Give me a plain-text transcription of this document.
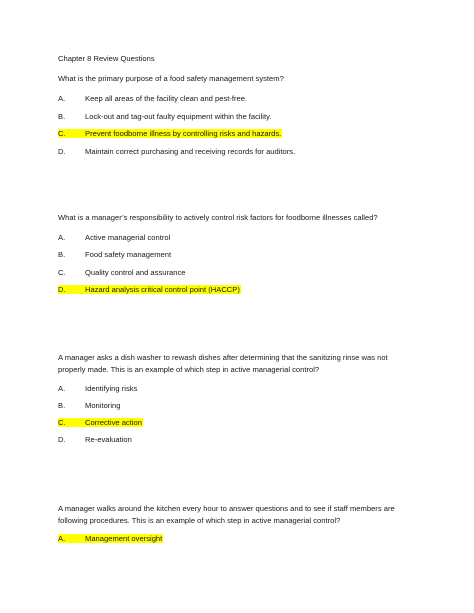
Chapter 8 Review Questions
What is the primary purpose of a food safety management system?
A.	Keep all areas of the facility clean and pest-free.
B.	Lock-out and tag-out faulty equipment within the facility.
C.	Prevent foodborne illness by controlling risks and hazards.
D.	Maintain correct purchasing and receiving records for auditors.
What is a manager’s responsibility to actively control risk factors for foodborne illnesses called?
A.	Active managerial control
B.	Food safety management
C.	Quality control and assurance
D.	Hazard analysis critical control point (HACCP)
A manager asks a dish washer to rewash dishes after determining that the sanitizing rinse was not
properly made. This is an example of which step in active managerial control?
A.	Identifying risks
B.	Monitoring
C.	Corrective action
D.	Re-evaluation
A manager walks around the kitchen every hour to answer questions and to see if staff members are
following procedures. This is an example of which step in active managerial control?
A.	Management oversight
